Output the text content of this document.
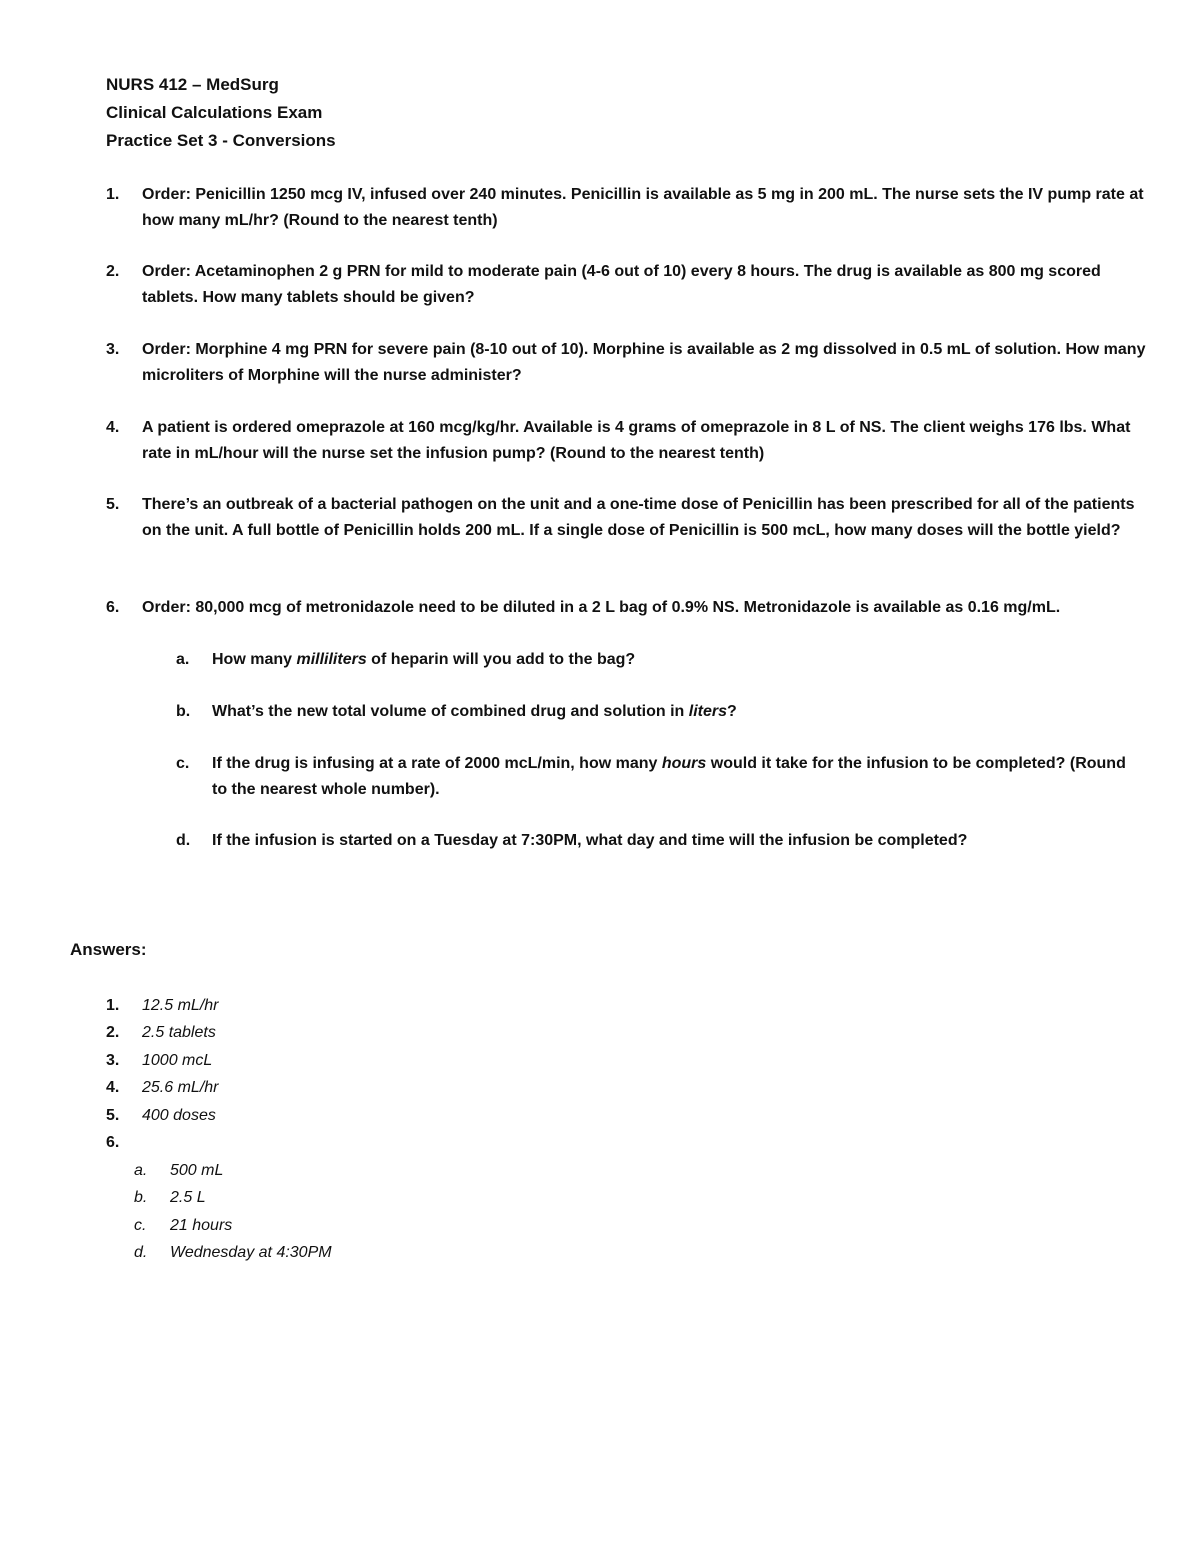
NURS 412 – MedSurg
Clinical Calculations Exam
Practice Set 3 - Conversions
1. Order: Penicillin 1250 mcg IV, infused over 240 minutes. Penicillin is available as 5 mg in 200 mL. The nurse sets the IV pump rate at how many mL/hr? (Round to the nearest tenth)
2. Order: Acetaminophen 2 g PRN for mild to moderate pain (4-6 out of 10) every 8 hours. The drug is available as 800 mg scored tablets. How many tablets should be given?
3. Order: Morphine 4 mg PRN for severe pain (8-10 out of 10). Morphine is available as 2 mg dissolved in 0.5 mL of solution. How many microliters of Morphine will the nurse administer?
4. A patient is ordered omeprazole at 160 mcg/kg/hr. Available is 4 grams of omeprazole in 8 L of NS. The client weighs 176 lbs. What rate in mL/hour will the nurse set the infusion pump? (Round to the nearest tenth)
5. There’s an outbreak of a bacterial pathogen on the unit and a one-time dose of Penicillin has been prescribed for all of the patients on the unit. A full bottle of Penicillin holds 200 mL. If a single dose of Penicillin is 500 mcL, how many doses will the bottle yield?
6. Order: 80,000 mcg of metronidazole need to be diluted in a 2 L bag of 0.9% NS. Metronidazole is available as 0.16 mg/mL.
a. How many milliliters of heparin will you add to the bag?
b. What’s the new total volume of combined drug and solution in liters?
c. If the drug is infusing at a rate of 2000 mcL/min, how many hours would it take for the infusion to be completed? (Round to the nearest whole number).
d. If the infusion is started on a Tuesday at 7:30PM, what day and time will the infusion be completed?
Answers:
1. 12.5 mL/hr
2. 2.5 tablets
3. 1000 mcL
4. 25.6 mL/hr
5. 400 doses
6.
a. 500 mL
b. 2.5 L
c. 21 hours
d. Wednesday at 4:30PM
